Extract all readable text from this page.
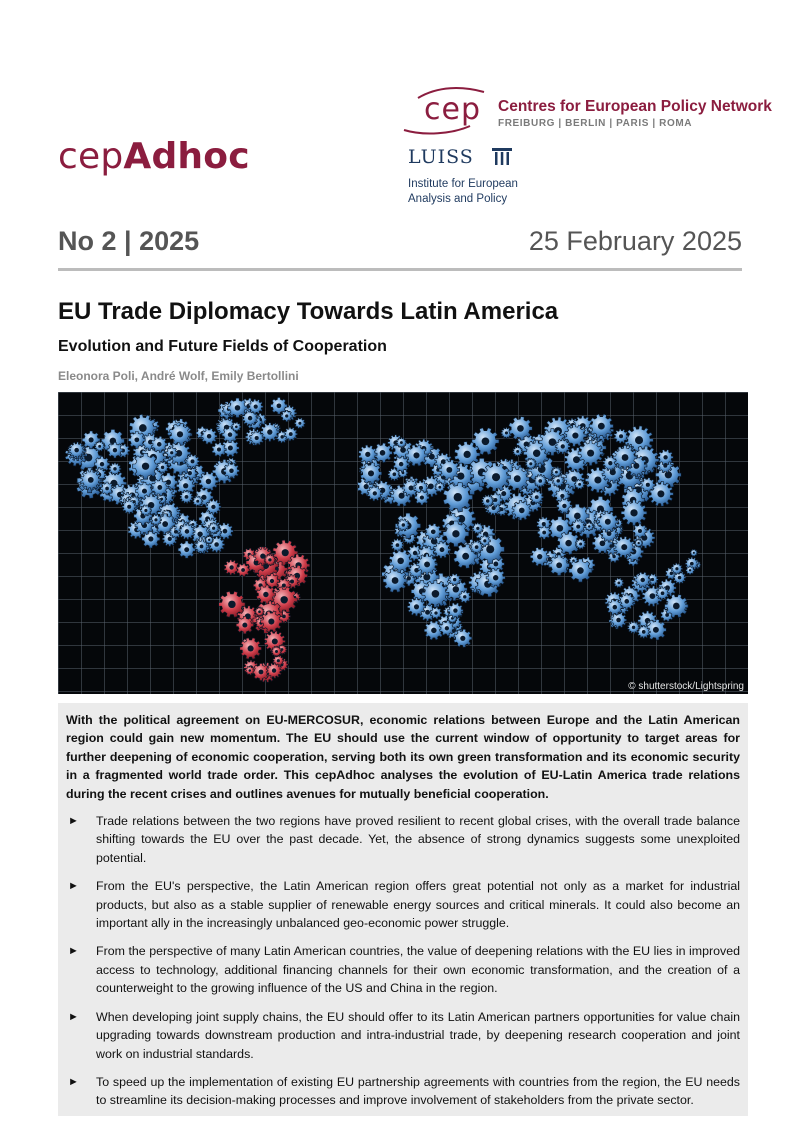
cepAdhoc
cep Centres for European Policy Network
FREIBURG | BERLIN | PARIS | ROMA
LUISS
Institute for European
Analysis and Policy
No 2 | 2025	25 February 2025
EU Trade Diplomacy Towards Latin America
Evolution and Future Fields of Cooperation
Eleonora Poli, André Wolf, Emily Bertollini
© shutterstock/Lightspring

With the political agreement on EU-MERCOSUR, economic relations between Europe and the Latin American region could gain new momentum. The EU should use the current window of opportunity to target areas for further deepening of economic cooperation, serving both its own green transformation and its economic security in a fragmented world trade order. This cepAdhoc analyses the evolution of EU-Latin America trade relations during the recent crises and outlines avenues for mutually beneficial cooperation.

► Trade relations between the two regions have proved resilient to recent global crises, with the overall trade balance shifting towards the EU over the past decade. Yet, the absence of strong dynamics suggests some unexploited potential.
► From the EU's perspective, the Latin American region offers great potential not only as a market for industrial products, but also as a stable supplier of renewable energy sources and critical minerals. It could also become an important ally in the increasingly unbalanced geo-economic power struggle.
► From the perspective of many Latin American countries, the value of deepening relations with the EU lies in improved access to technology, additional financing channels for their own economic transformation, and the creation of a counterweight to the growing influence of the US and China in the region.
► When developing joint supply chains, the EU should offer to its Latin American partners opportunities for value chain upgrading towards downstream production and intra-industrial trade, by deepening research cooperation and joint work on industrial standards.
► To speed up the implementation of existing EU partnership agreements with countries from the region, the EU needs to streamline its decision-making processes and improve involvement of stakeholders from the private sector.
